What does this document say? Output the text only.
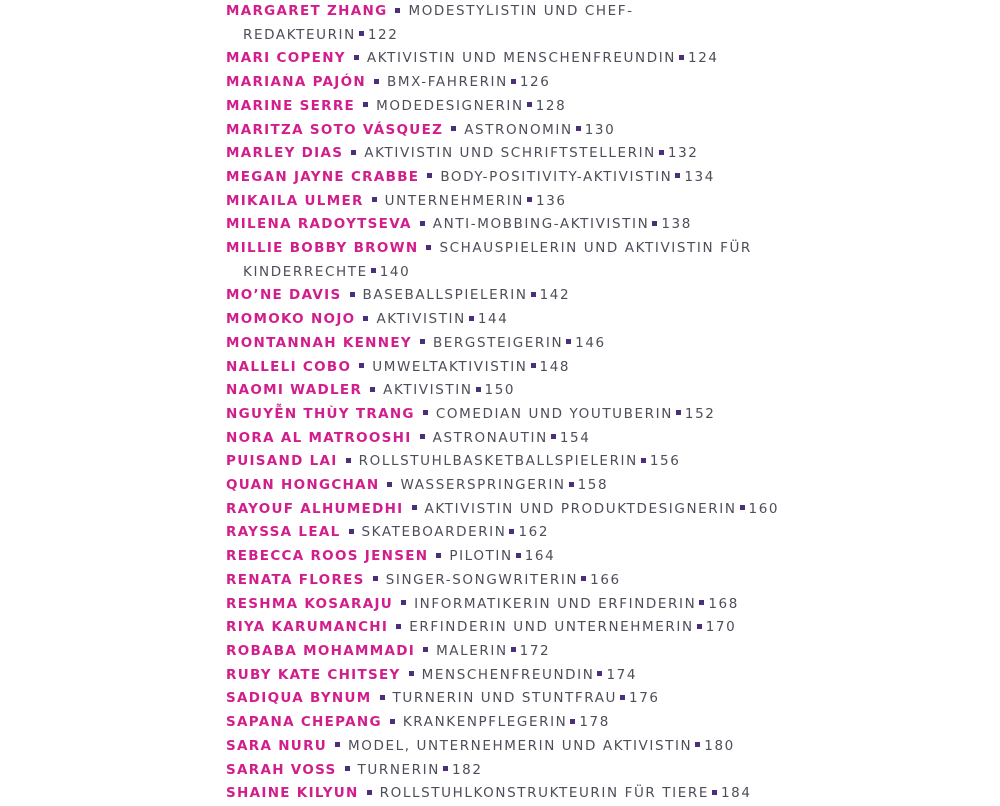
MARGARET ZHANG MODESTYLISTIN UND CHEF-
REDAKTEURIN 122
MARI COPENY AKTIVISTIN UND MENSCHENFREUNDIN 124
MARIANA PAJÓN BMX-FAHRERIN 126
MARINE SERRE MODEDESIGNERIN 128
MARITZA SOTO VÁSQUEZ ASTRONOMIN 130
MARLEY DIAS AKTIVISTIN UND SCHRIFTSTELLERIN 132
MEGAN JAYNE CRABBE BODY-POSITIVITY-AKTIVISTIN 134
MIKAILA ULMER UNTERNEHMERIN 136
MILENA RADOYTSEVA ANTI-MOBBING-AKTIVISTIN 138
MILLIE BOBBY BROWN SCHAUSPIELERIN UND AKTIVISTIN FÜR
KINDERRECHTE 140
MO’NE DAVIS BASEBALLSPIELERIN 142
MOMOKO NOJO AKTIVISTIN 144
MONTANNAH KENNEY BERGSTEIGERIN 146
NALLELI COBO UMWELTAKTIVISTIN 148
NAOMI WADLER AKTIVISTIN 150
NGUYỄN THÙY TRANG COMEDIAN UND YOUTUBERIN 152
NORA AL MATROOSHI ASTRONAUTIN 154
PUISAND LAI ROLLSTUHLBASKETBALLSPIELERIN 156
QUAN HONGCHAN WASSERSPRINGERIN 158
RAYOUF ALHUMEDHI AKTIVISTIN UND PRODUKTDESIGNERIN 160
RAYSSA LEAL SKATEBOARDERIN 162
REBECCA ROOS JENSEN PILOTIN 164
RENATA FLORES SINGER-SONGWRITERIN 166
RESHMA KOSARAJU INFORMATIKERIN UND ERFINDERIN 168
RIYA KARUMANCHI ERFINDERIN UND UNTERNEHMERIN 170
ROBABA MOHAMMADI MALERIN 172
RUBY KATE CHITSEY MENSCHENFREUNDIN 174
SADIQUA BYNUM TURNERIN UND STUNTFRAU 176
SAPANA CHEPANG KRANKENPFLEGERIN 178
SARA NURU MODEL, UNTERNEHMERIN UND AKTIVISTIN 180
SARAH VOSS TURNERIN 182
SHAINE KILYUN ROLLSTUHLKONSTRUKTEURIN FÜR TIERE 184
